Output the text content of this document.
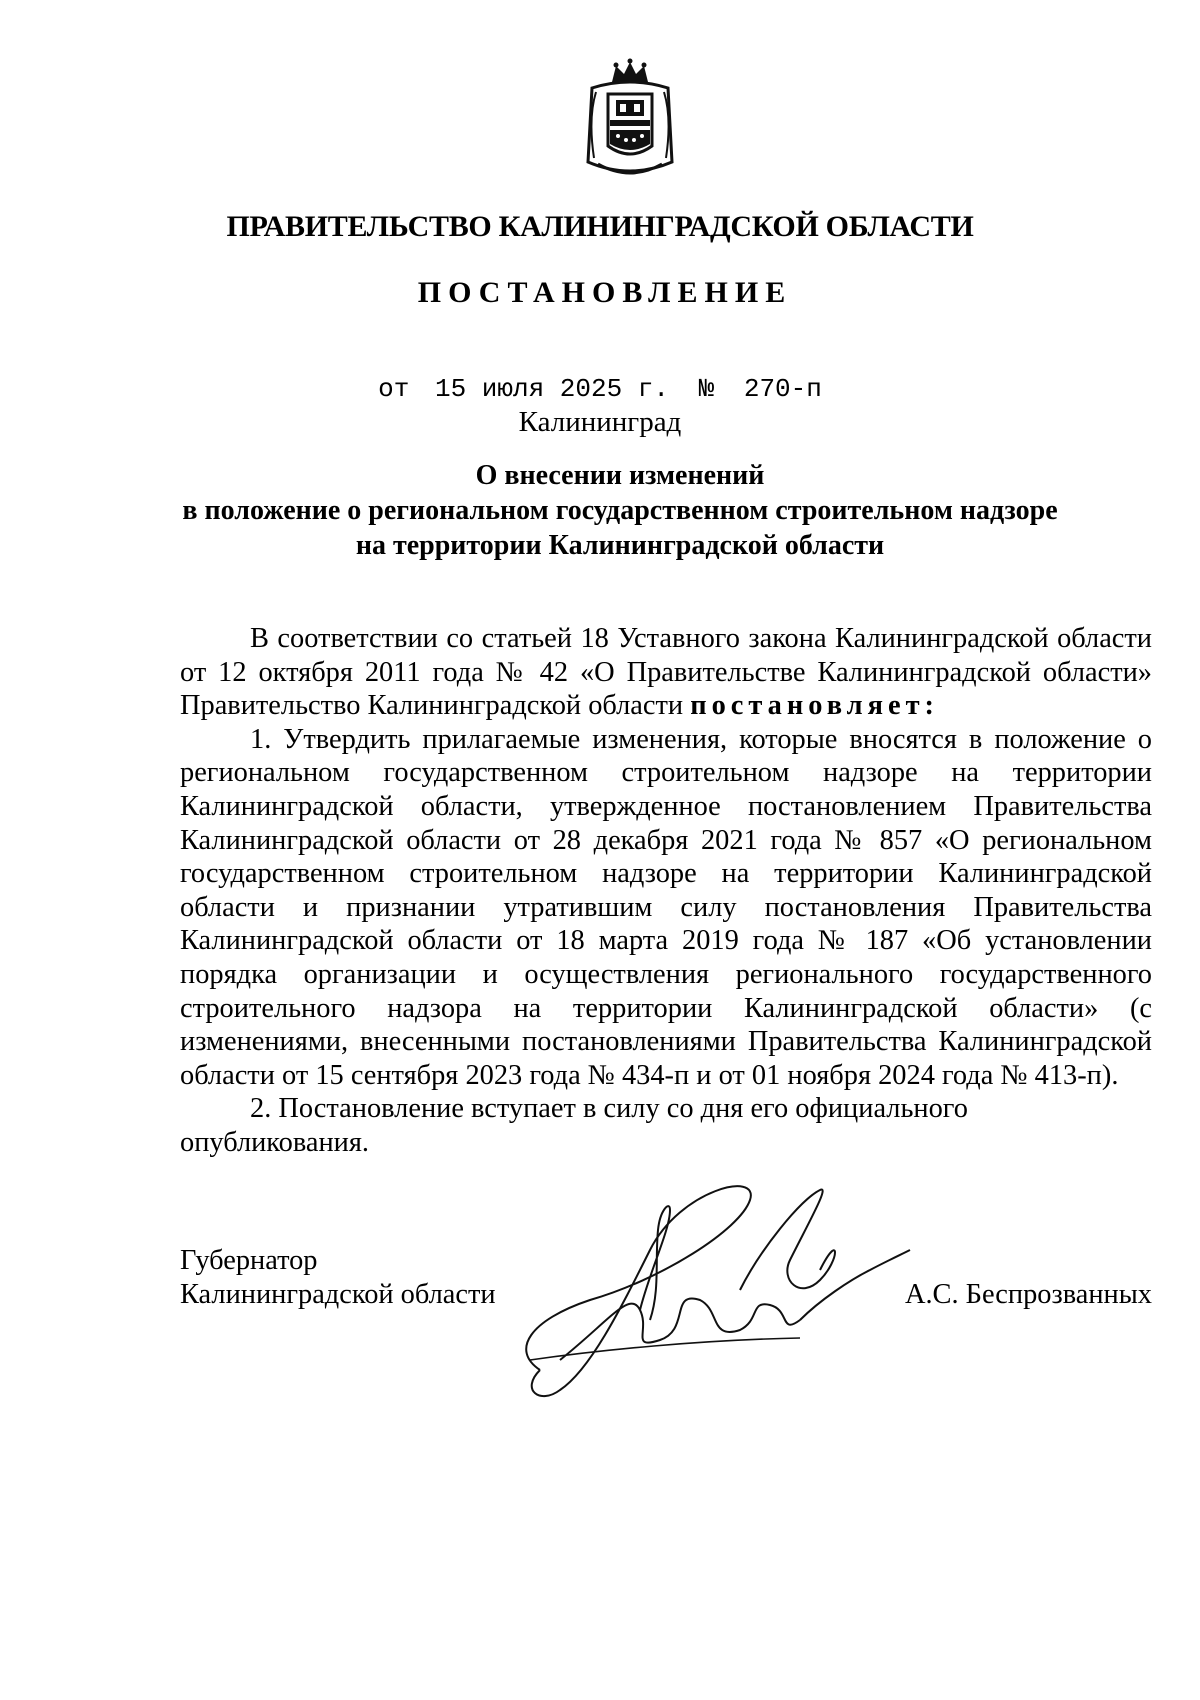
ПРАВИТЕЛЬСТВО КАЛИНИНГРАДСКОЙ ОБЛАСТИ
ПОСТАНОВЛЕНИЕ
от 15 июля 2025 г. № 270-п
Калининград
О внесении изменений
в положение о региональном государственном строительном надзоре
на территории Калининградской области

В соответствии со статьей 18 Уставного закона Калининградской области от 12 октября 2011 года № 42 «О Правительстве Калининградской области» Правительство Калининградской области постановляет:

1. Утвердить прилагаемые изменения, которые вносятся в положение о региональном государственном строительном надзоре на территории Калининградской области, утвержденное постановлением Правительства Калининградской области от 28 декабря 2021 года № 857 «О региональном государственном строительном надзоре на территории Калининградской области и признании утратившим силу постановления Правительства Калининградской области от 18 марта 2019 года № 187 «Об установлении порядка организации и осуществления регионального государственного строительного надзора на территории Калининградской области» (с изменениями, внесенными постановлениями Правительства Калининградской области от 15 сентября 2023 года № 434-п и от 01 ноября 2024 года № 413-п).

2. Постановление вступает в силу со дня его официального опубликования.

Губернатор
Калининградской области	А.С. Беспрозванных
